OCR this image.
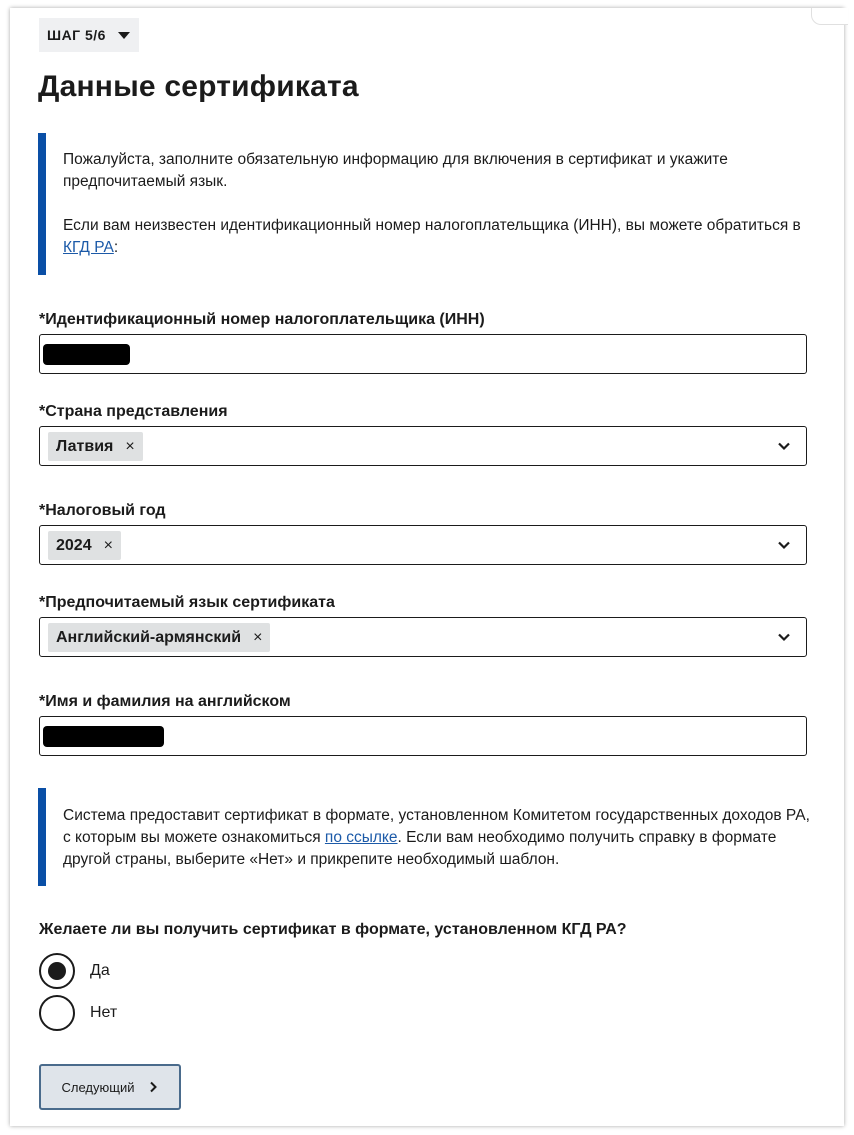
ШАГ 5/6
Данные сертификата

Пожалуйста, заполните обязательную информацию для включения в сертификат и укажите предпочитаемый язык.

Если вам неизвестен идентификационный номер налогоплательщика (ИНН), вы можете обратиться в КГД РА:

*Идентификационный номер налогоплательщика (ИНН)
*Страна представления
Латвия ×
*Налоговый год
2024 ×
*Предпочитаемый язык сертификата
Английский-армянский ×
*Имя и фамилия на английском

Система предоставит сертификат в формате, установленном Комитетом государственных доходов РА, с которым вы можете ознакомиться по ссылке. Если вам необходимо получить справку в формате другой страны, выберите «Нет» и прикрепите необходимый шаблон.

Желаете ли вы получить сертификат в формате, установленном КГД РА?
Да
Нет
Следующий
